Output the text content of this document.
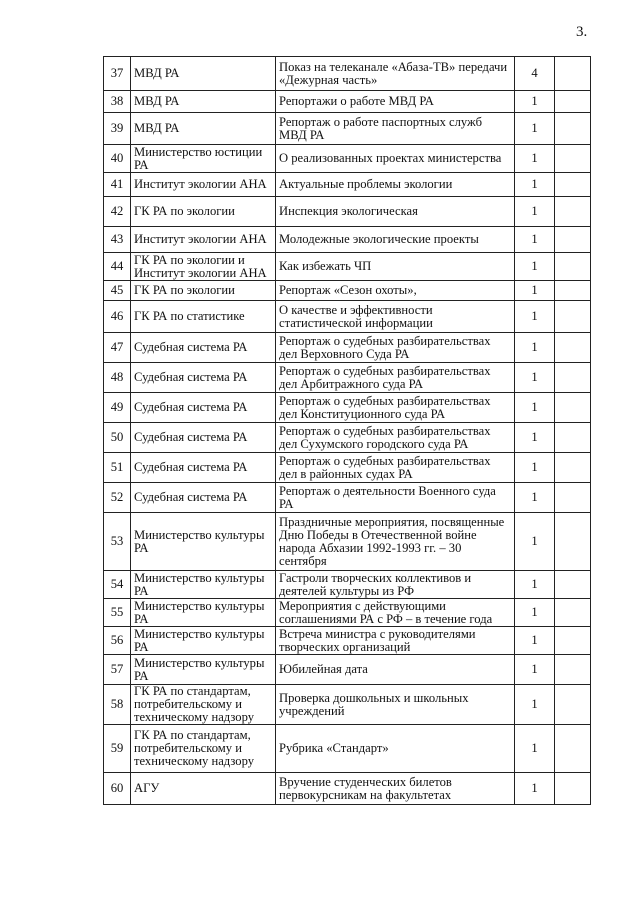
3.
37	МВД РА	Показ на телеканале «Абаза-ТВ» передачи «Дежурная часть»	4	
38	МВД РА	Репортажи о работе МВД РА	1	
39	МВД РА	Репортаж о работе паспортных служб МВД РА	1	
40	Министерство юстиции РА	О реализованных проектах министерства	1	
41	Институт экологии АНА	Актуальные проблемы экологии	1	
42	ГК РА по экологии	Инспекция экологическая	1	
43	Институт экологии АНА	Молодежные экологические проекты	1	
44	ГК РА по экологии и Институт экологии АНА	Как избежать ЧП	1	
45	ГК РА по экологии	Репортаж «Сезон охоты»,	1	
46	ГК РА по статистике	О качестве и эффективности статистической информации	1	
47	Судебная система РА	Репортаж о судебных разбирательствах дел Верховного Суда РА	1	
48	Судебная система РА	Репортаж о судебных разбирательствах дел Арбитражного суда РА	1	
49	Судебная система РА	Репортаж о судебных разбирательствах дел Конституционного суда РА	1	
50	Судебная система РА	Репортаж о судебных разбирательствах дел Сухумского городского суда РА	1	
51	Судебная система РА	Репортаж о судебных разбирательствах дел в районных судах РА	1	
52	Судебная система РА	Репортаж о деятельности Военного суда РА	1	
53	Министерство культуры РА	Праздничные мероприятия, посвященные Дню Победы в Отечественной войне народа Абхазии 1992-1993 гг. – 30 сентября	1	
54	Министерство культуры РА	Гастроли творческих коллективов и деятелей культуры из РФ	1	
55	Министерство культуры РА	Мероприятия с действующими соглашениями РА с РФ – в течение года	1	
56	Министерство культуры РА	Встреча министра с руководителями творческих организаций	1	
57	Министерство культуры РА	Юбилейная дата	1	
58	ГК РА по стандартам, потребительскому и техническому надзору	Проверка дошкольных и школьных учреждений	1	
59	ГК РА по стандартам, потребительскому и техническому надзору	Рубрика «Стандарт»	1	
60	АГУ	Вручение студенческих билетов первокурсникам на факультетах	1	
